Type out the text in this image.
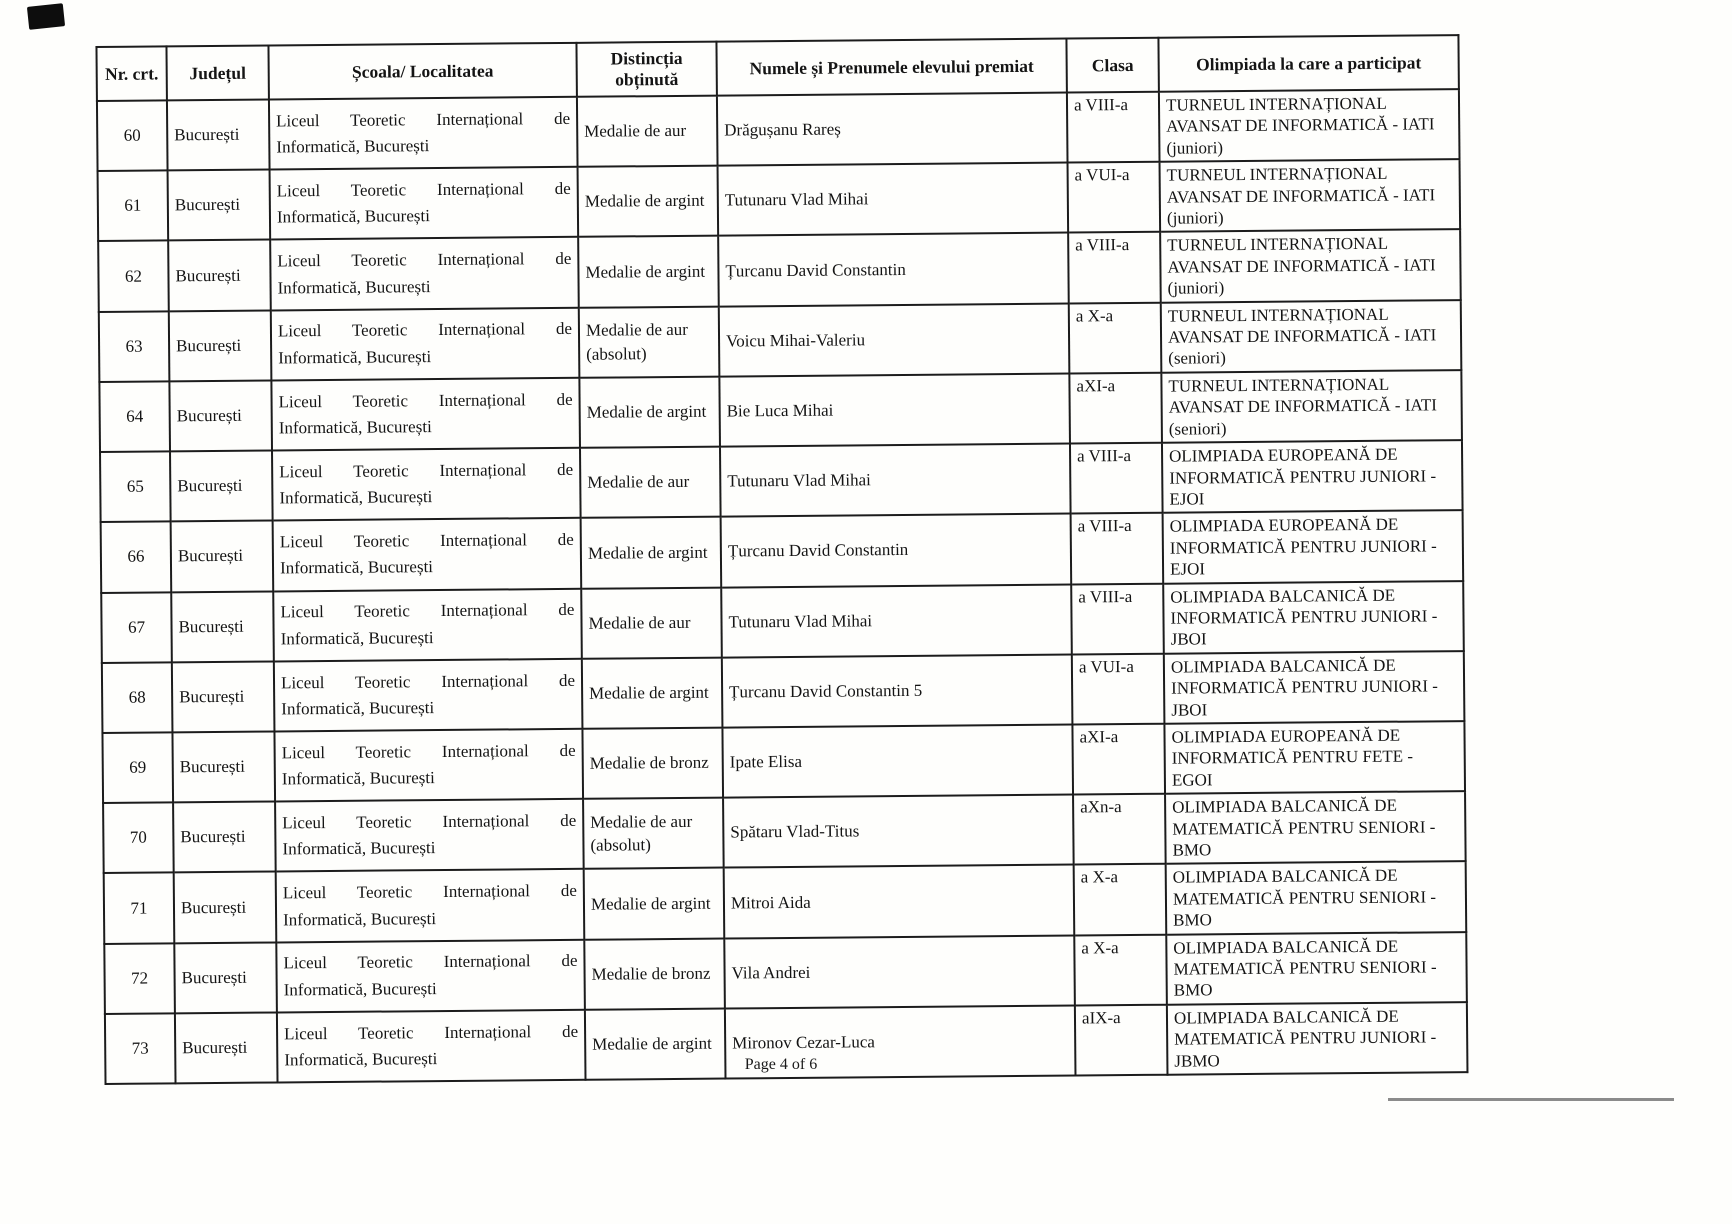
Nr. crt.	Județul	Școala/ Localitatea	Distincția obținută	Numele și Prenumele elevului premiat	Clasa	Olimpiada la care a participat
60	București	Liceul Teoretic Internațional de Informatică, București	Medalie de aur	Drăgușanu Rareș	a VIII-a	TURNEUL INTERNAȚIONAL AVANSAT DE INFORMATICĂ - IATI (juniori)
61	București	Liceul Teoretic Internațional de Informatică, București	Medalie de argint	Tutunaru Vlad Mihai	a VUI-a	TURNEUL INTERNAȚIONAL AVANSAT DE INFORMATICĂ - IATI (juniori)
62	București	Liceul Teoretic Internațional de Informatică, București	Medalie de argint	Țurcanu David Constantin	a VIII-a	TURNEUL INTERNAȚIONAL AVANSAT DE INFORMATICĂ - IATI (juniori)
63	București	Liceul Teoretic Internațional de Informatică, București	Medalie de aur (absolut)	Voicu Mihai-Valeriu	a X-a	TURNEUL INTERNAȚIONAL AVANSAT DE INFORMATICĂ - IATI (seniori)
64	București	Liceul Teoretic Internațional de Informatică, București	Medalie de argint	Bie Luca Mihai	aXI-a	TURNEUL INTERNAȚIONAL AVANSAT DE INFORMATICĂ - IATI (seniori)
65	București	Liceul Teoretic Internațional de Informatică, București	Medalie de aur	Tutunaru Vlad Mihai	a VIII-a	OLIMPIADA EUROPEANĂ DE INFORMATICĂ PENTRU JUNIORI - EJOI
66	București	Liceul Teoretic Internațional de Informatică, București	Medalie de argint	Țurcanu David Constantin	a VIII-a	OLIMPIADA EUROPEANĂ DE INFORMATICĂ PENTRU JUNIORI - EJOI
67	București	Liceul Teoretic Internațional de Informatică, București	Medalie de aur	Tutunaru Vlad Mihai	a VIII-a	OLIMPIADA BALCANICĂ DE INFORMATICĂ PENTRU JUNIORI - JBOI
68	București	Liceul Teoretic Internațional de Informatică, București	Medalie de argint	Țurcanu David Constantin 5	a VUI-a	OLIMPIADA BALCANICĂ DE INFORMATICĂ PENTRU JUNIORI - JBOI
69	București	Liceul Teoretic Internațional de Informatică, București	Medalie de bronz	Ipate Elisa	aXI-a	OLIMPIADA EUROPEANĂ DE INFORMATICĂ PENTRU FETE - EGOI
70	București	Liceul Teoretic Internațional de Informatică, București	Medalie de aur (absolut)	Spătaru Vlad-Titus	aXn-a	OLIMPIADA BALCANICĂ DE MATEMATICĂ PENTRU SENIORI - BMO
71	București	Liceul Teoretic Internațional de Informatică, București	Medalie de argint	Mitroi Aida	a X-a	OLIMPIADA BALCANICĂ DE MATEMATICĂ PENTRU SENIORI - BMO
72	București	Liceul Teoretic Internațional de Informatică, București	Medalie de bronz	Vila Andrei	a X-a	OLIMPIADA BALCANICĂ DE MATEMATICĂ PENTRU SENIORI - BMO
73	București	Liceul Teoretic Internațional de Informatică, București	Medalie de argint	Mironov Cezar-Luca	aIX-a	OLIMPIADA BALCANICĂ DE MATEMATICĂ PENTRU JUNIORI - JBMO
Page 4 of 6
